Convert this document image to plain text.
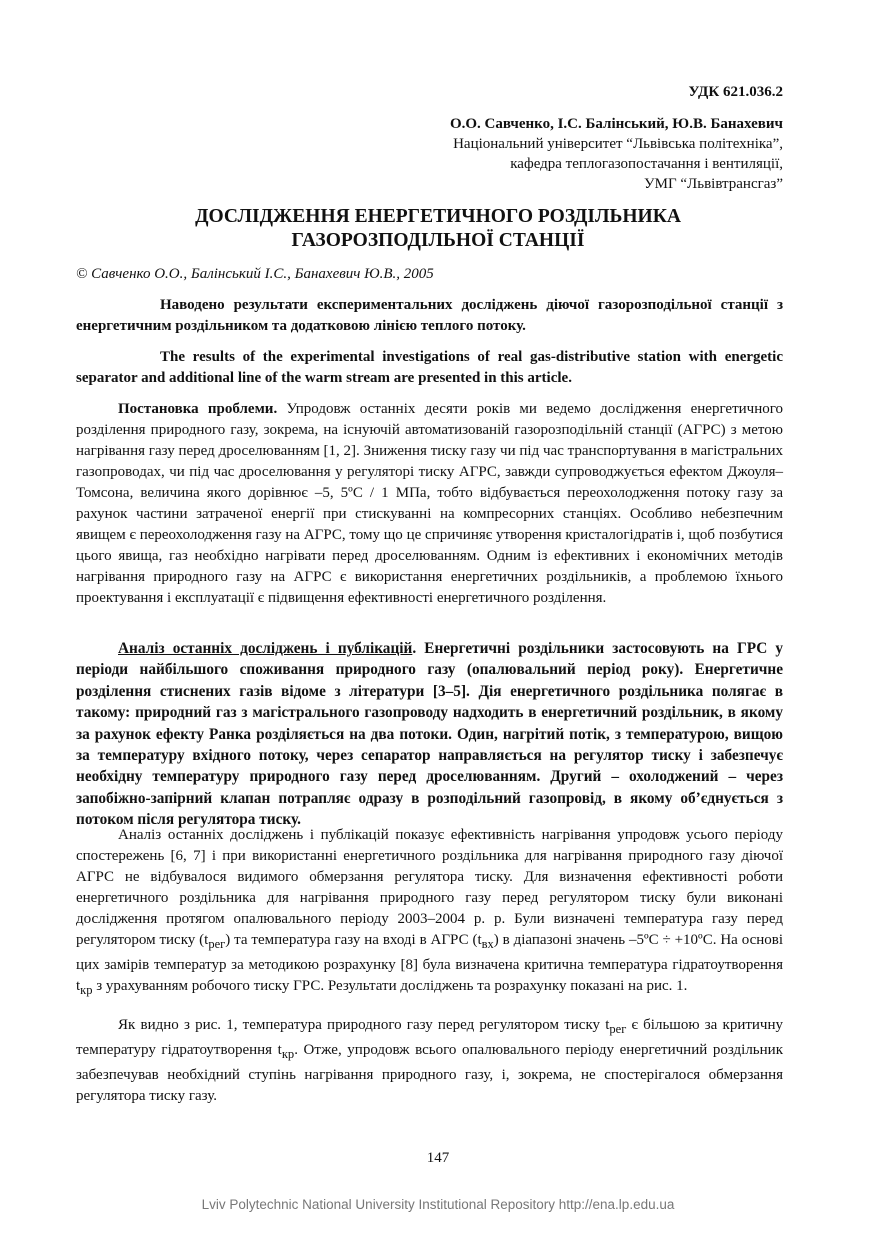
УДК 621.036.2
О.О. Савченко, І.С. Балінський, Ю.В. Банахевич
Національний університет “Львівська політехніка”,
кафедра теплогазопостачання і вентиляції,
УМГ “Львівтрансгаз”
ДОСЛІДЖЕННЯ ЕНЕРГЕТИЧНОГО РОЗДІЛЬНИКА
ГАЗОРОЗПОДІЛЬНОЇ СТАНЦІЇ
© Савченко О.О., Балінський І.С., Банахевич Ю.В., 2005
Наводено результати експериментальних досліджень діючої газорозподільної станції з енергетичним роздільником та додатковою лінією теплого потоку.
The results of the experimental investigations of real gas-distributive station with energetic separator and additional line of the warm stream are presented in this article.
Постановка проблеми. Упродовж останніх десяти років ми ведемо дослідження енергетичного розділення природного газу, зокрема, на існуючій автоматизованій газорозподільній станції (АГРС) з метою нагрівання газу перед дроселюванням [1, 2]. Зниження тиску газу чи під час транспортування в магістральних газопроводах, чи під час дроселювання у регуляторі тиску АГРС, завжди супроводжується ефектом Джоуля–Томсона, величина якого дорівнює –5, 5ºС / 1 МПа, тобто відбувається переохолодження потоку газу за рахунок частини затраченої енергії при стискуванні на компресорних станціях. Особливо небезпечним явищем є переохолодження газу на АГРС, тому що це спричиняє утворення кристалогідратів і, щоб позбутися цього явища, газ необхідно нагрівати перед дроселюванням. Одним із ефективних і економічних методів нагрівання природного газу на АГРС є використання енергетичних роздільників, а проблемою їхнього проектування і експлуатації є підвищення ефективності енергетичного розділення.
Аналіз останніх досліджень і публікацій. Енергетичні роздільники застосовують на ГРС у періоди найбільшого споживання природного газу (опалювальний період року). Енергетичне розділення стиснених газів відоме з літератури [3–5]. Дія енергетичного роздільника полягає в такому: природний газ з магістрального газопроводу надходить в енергетичний роздільник, в якому за рахунок ефекту Ранка розділяється на два потоки. Один, нагрітий потік, з температурою, вищою за температуру вхідного потоку, через сепаратор направляється на регулятор тиску і забезпечує необхідну температуру природного газу перед дроселюванням. Другий – охолоджений – через запобіжно-запірний клапан потрапляє одразу в розподільний газопровід, в якому об’єднується з потоком після регулятора тиску.
Аналіз останніх досліджень і публікацій показує ефективність нагрівання упродовж усього періоду спостережень [6, 7] і при використанні енергетичного роздільника для нагрівання природного газу діючої АГРС не відбувалося видимого обмерзання регулятора тиску. Для визначення ефективності роботи енергетичного роздільника для нагрівання природного газу перед регулятором тиску були виконані дослідження протягом опалювального періоду 2003–2004 р. р. Були визначені температура газу перед регулятором тиску $(t_{рег})$ та температура газу на вході в АГРС $(t_{вх})$ в діапазоні значень –5ºС ÷ +10ºС. На основі цих замірів температур за методикою розрахунку [8] була визначена критична температура гідратоутворення $t_{кр}$ з урахуванням робочого тиску ГРС. Результати досліджень та розрахунку показані на рис. 1.
Як видно з рис. 1, температура природного газу перед регулятором тиску $t_{рег}$ є більшою за критичну температуру гідратоутворення $t_{кр}$. Отже, упродовж всього опалювального періоду енергетичний роздільник забезпечував необхідний ступінь нагрівання природного газу, і, зокрема, не спостерігалося обмерзання регулятора тиску газу.
147
Lviv Polytechnic National University Institutional Repository http://ena.lp.edu.ua
